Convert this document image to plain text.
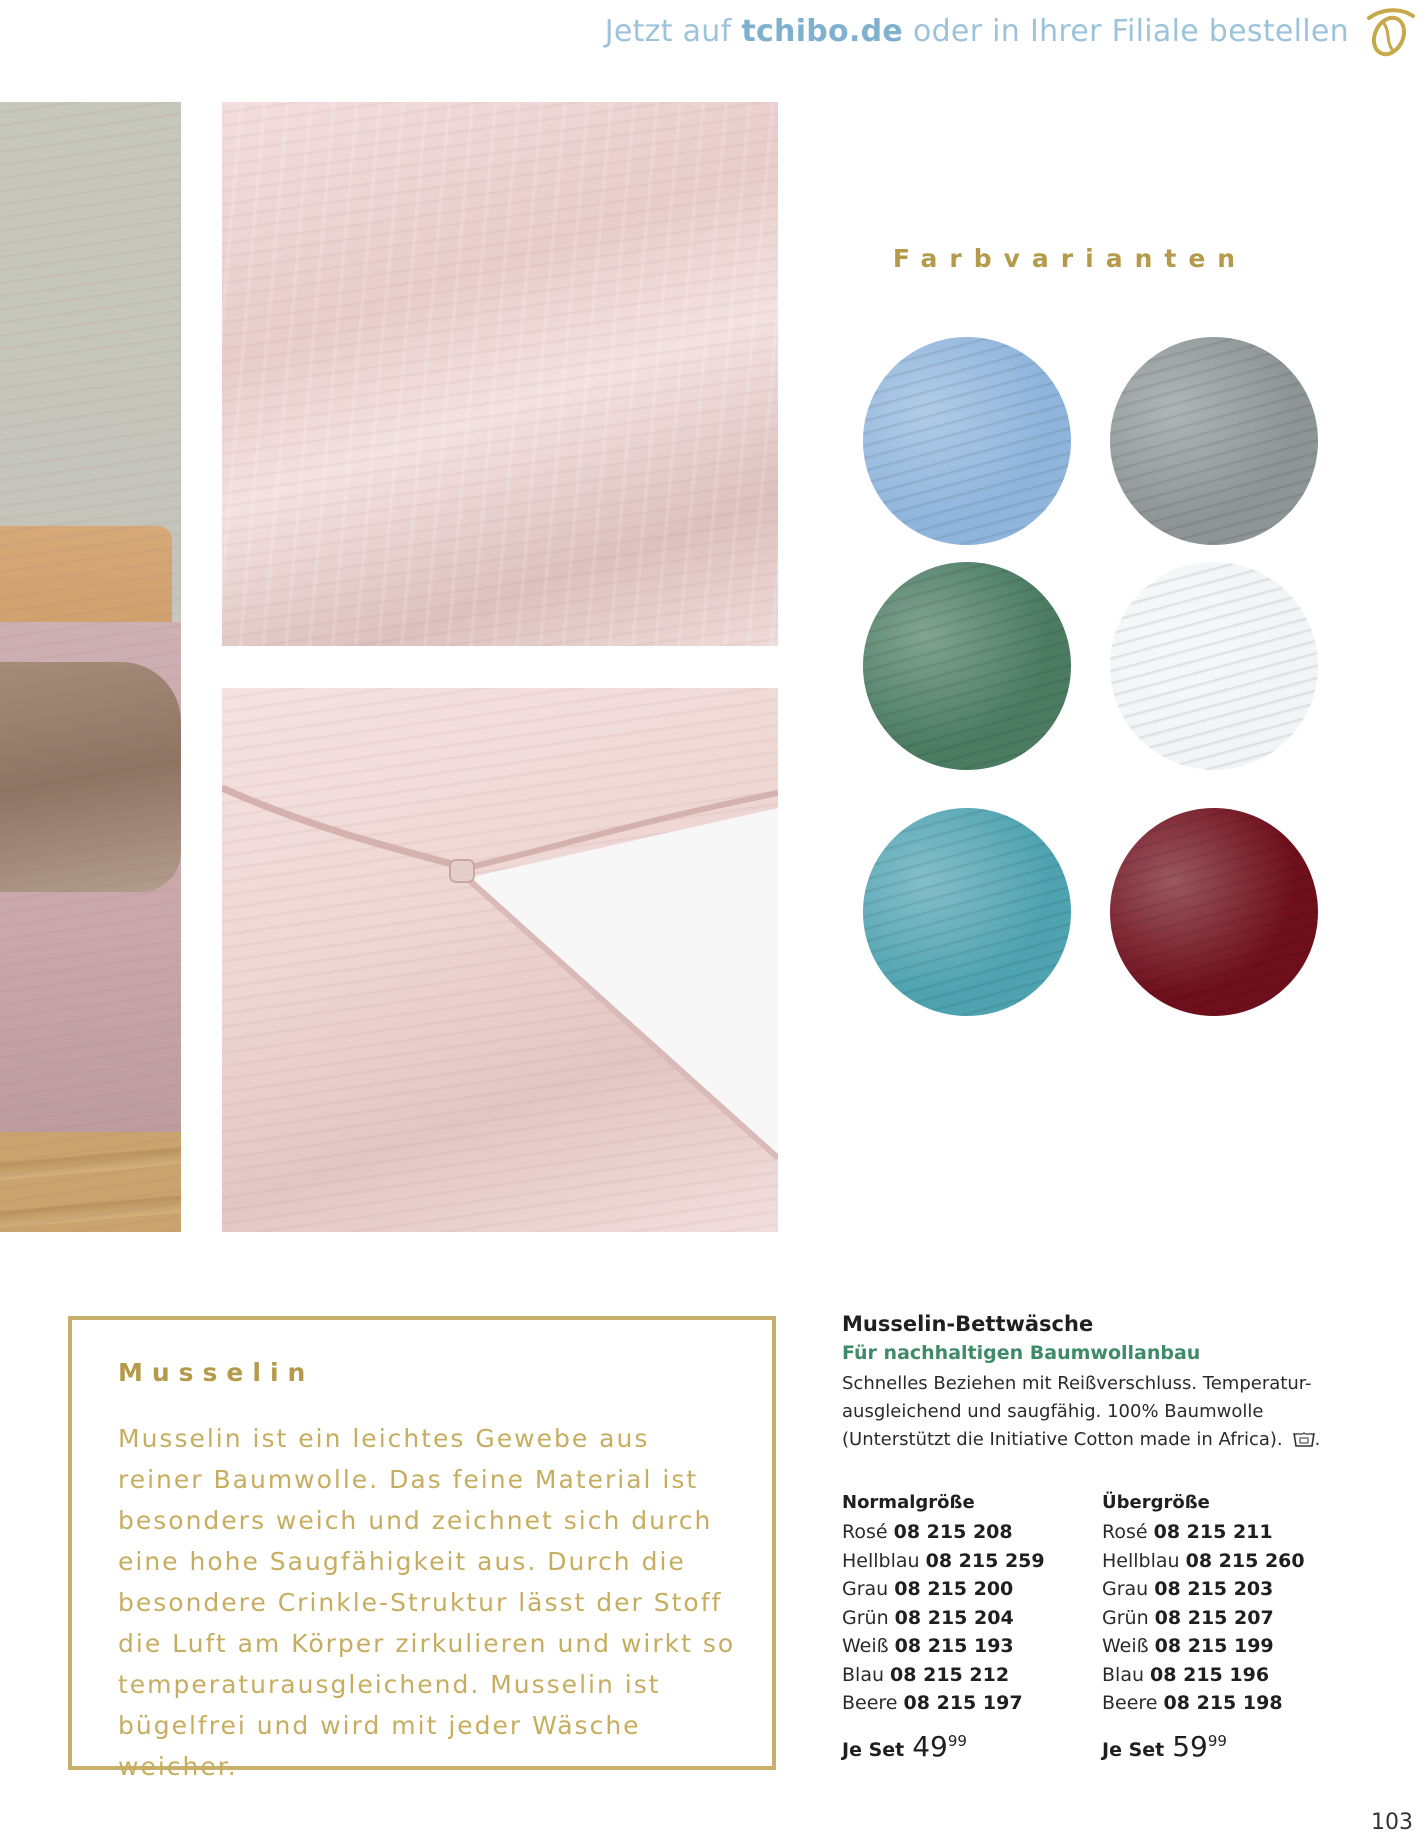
Jetzt auf tchibo.de oder in Ihrer Filiale bestellen
Farbvarianten
Musselin
Musselin ist ein leichtes Gewebe aus reiner Baumwolle. Das feine Material ist besonders weich und zeichnet sich durch eine hohe Saugfähigkeit aus. Durch die besondere Crinkle-Struktur lässt der Stoff die Luft am Körper zirkulieren und wirkt so temperaturausgleichend. Musselin ist bügelfrei und wird mit jeder Wäsche weicher.
Musselin-Bettwäsche
Für nachhaltigen Baumwollanbau
Schnelles Beziehen mit Reißverschluss. Temperatur-
ausgleichend und saugfähig. 100% Baumwolle
(Unterstützt die Initiative Cotton made in Africa). .
Normalgröße
Rosé 08 215 208
Hellblau 08 215 259
Grau 08 215 200
Grün 08 215 204
Weiß 08 215 193
Blau 08 215 212
Beere 08 215 197
Je Set 4999
Übergröße
Rosé 08 215 211
Hellblau 08 215 260
Grau 08 215 203
Grün 08 215 207
Weiß 08 215 199
Blau 08 215 196
Beere 08 215 198
Je Set 5999
103
